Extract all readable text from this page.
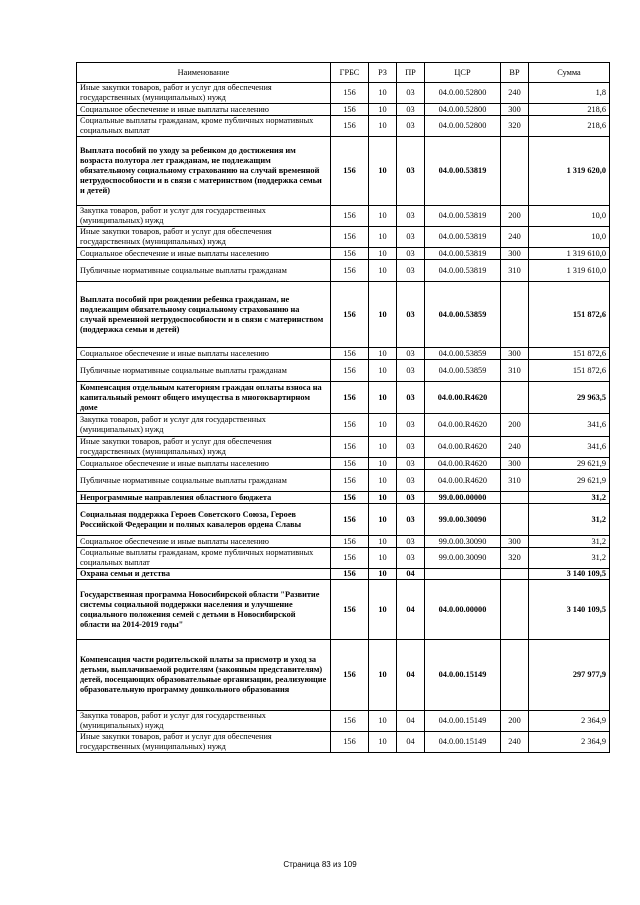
Наименование	ГРБС	РЗ	ПР	ЦСР	ВР	Сумма
Иные закупки товаров, работ и услуг для обеспечения государственных (муниципальных) нужд	156	10	03	04.0.00.52800	240	1,8
Социальное обеспечение и иные выплаты населению	156	10	03	04.0.00.52800	300	218,6
Социальные выплаты гражданам, кроме публичных нормативных социальных выплат	156	10	03	04.0.00.52800	320	218,6
Выплата пособий по уходу за ребенком до достижения им возраста полутора лет гражданам, не подлежащим обязательному социальному страхованию на случай временной нетрудоспособности и в связи с материнством (поддержка семьи и детей)	156	10	03	04.0.00.53819		1 319 620,0
Закупка товаров, работ и услуг для государственных (муниципальных) нужд	156	10	03	04.0.00.53819	200	10,0
Иные закупки товаров, работ и услуг для обеспечения государственных (муниципальных) нужд	156	10	03	04.0.00.53819	240	10,0
Социальное обеспечение и иные выплаты населению	156	10	03	04.0.00.53819	300	1 319 610,0
Публичные нормативные социальные выплаты гражданам	156	10	03	04.0.00.53819	310	1 319 610,0
Выплата пособий при рождении ребенка гражданам, не подлежащим обязательному социальному страхованию на случай временной нетрудоспособности и в связи с материнством (поддержка семьи и детей)	156	10	03	04.0.00.53859		151 872,6
Социальное обеспечение и иные выплаты населению	156	10	03	04.0.00.53859	300	151 872,6
Публичные нормативные социальные выплаты гражданам	156	10	03	04.0.00.53859	310	151 872,6
Компенсация отдельным категориям граждан оплаты взноса на капитальный ремонт общего имущества в многоквартирном доме	156	10	03	04.0.00.R4620		29 963,5
Закупка товаров, работ и услуг для государственных (муниципальных) нужд	156	10	03	04.0.00.R4620	200	341,6
Иные закупки товаров, работ и услуг для обеспечения государственных (муниципальных) нужд	156	10	03	04.0.00.R4620	240	341,6
Социальное обеспечение и иные выплаты населению	156	10	03	04.0.00.R4620	300	29 621,9
Публичные нормативные социальные выплаты гражданам	156	10	03	04.0.00.R4620	310	29 621,9
Непрограммные направления областного бюджета	156	10	03	99.0.00.00000		31,2
Социальная поддержка Героев Советского Союза, Героев Российской Федерации и полных кавалеров ордена Славы	156	10	03	99.0.00.30090		31,2
Социальное обеспечение и иные выплаты населению	156	10	03	99.0.00.30090	300	31,2
Социальные выплаты гражданам, кроме публичных нормативных социальных выплат	156	10	03	99.0.00.30090	320	31,2
Охрана семьи и детства	156	10	04			3 140 109,5
Государственная программа Новосибирской области "Развитие системы социальной поддержки населения и улучшение социального положения семей с детьми в Новосибирской области на 2014-2019 годы"	156	10	04	04.0.00.00000		3 140 109,5
Компенсация части родительской платы за присмотр и уход за детьми, выплачиваемой родителям (законным представителям) детей, посещающих образовательные организации, реализующие образовательную программу дошкольного образования	156	10	04	04.0.00.15149		297 977,9
Закупка товаров, работ и услуг для государственных (муниципальных) нужд	156	10	04	04.0.00.15149	200	2 364,9
Иные закупки товаров, работ и услуг для обеспечения государственных (муниципальных) нужд	156	10	04	04.0.00.15149	240	2 364,9
Страница 83 из 109
